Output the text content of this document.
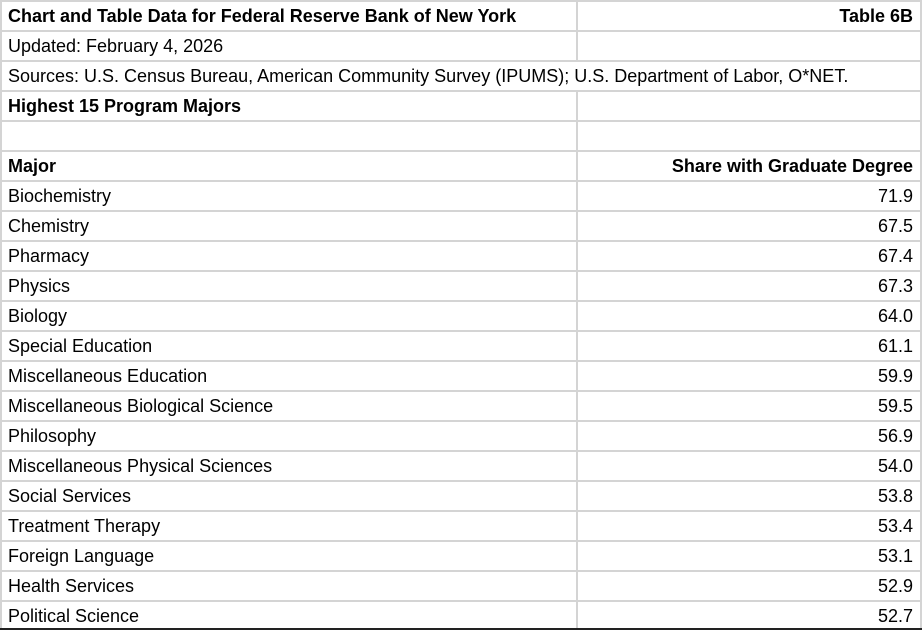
Chart and Table Data for Federal Reserve Bank of New York	Table 6B
Updated: February 4, 2026
Sources: U.S. Census Bureau, American Community Survey (IPUMS); U.S. Department of Labor, O*NET.
Highest 15 Program Majors
Major	Share with Graduate Degree
Biochemistry	71.9
Chemistry	67.5
Pharmacy	67.4
Physics	67.3
Biology	64.0
Special Education	61.1
Miscellaneous Education	59.9
Miscellaneous Biological Science	59.5
Philosophy	56.9
Miscellaneous Physical Sciences	54.0
Social Services	53.8
Treatment Therapy	53.4
Foreign Language	53.1
Health Services	52.9
Political Science	52.7
